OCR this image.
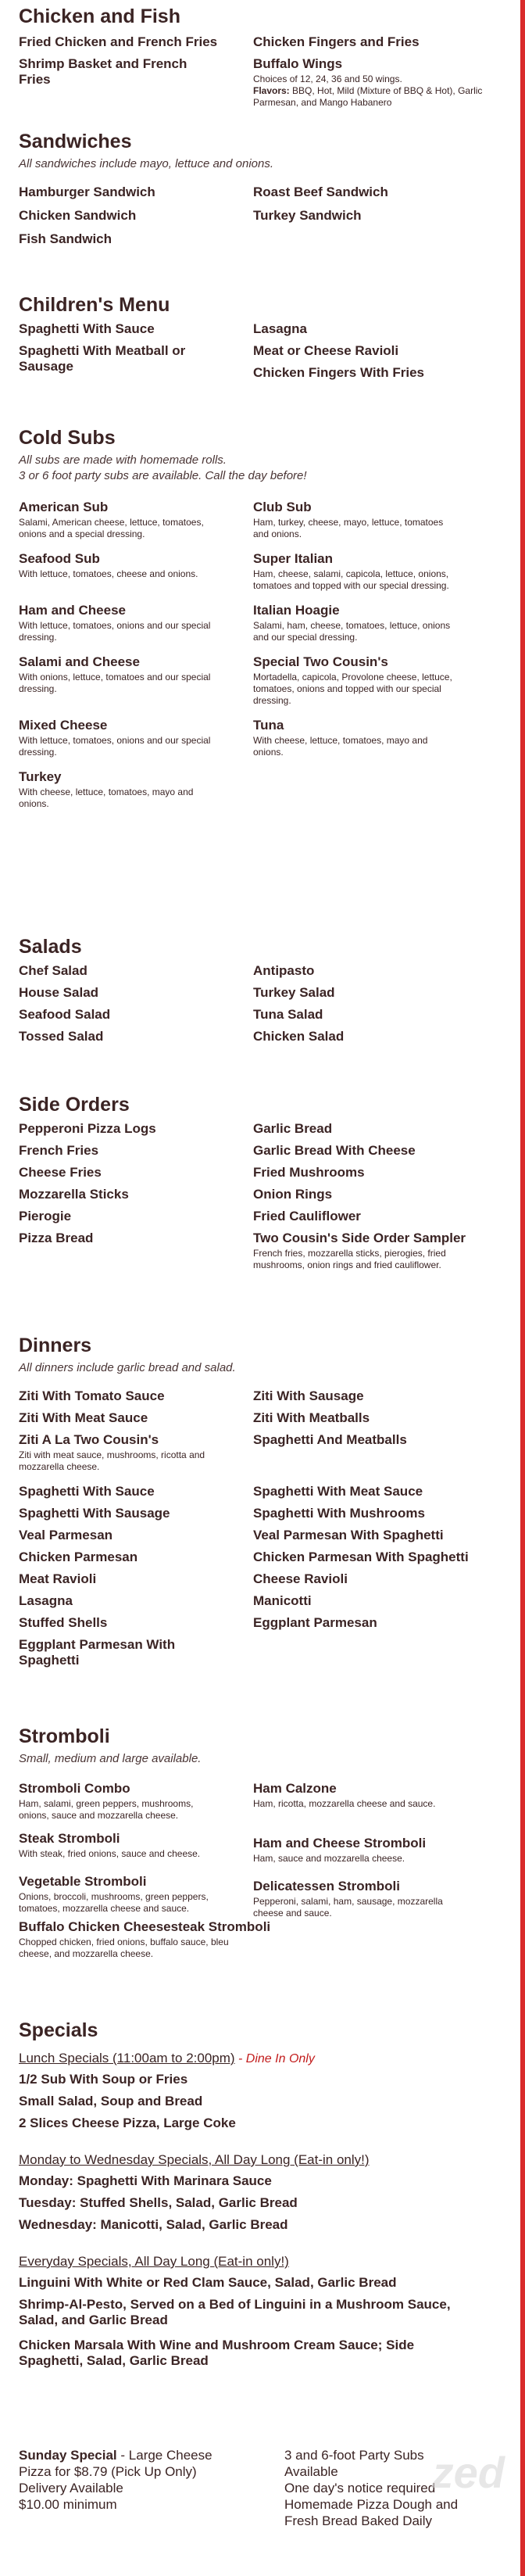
Chicken and Fish
Fried Chicken and French Fries
Shrimp Basket and French Fries
Chicken Fingers and Fries
Buffalo Wings
Choices of 12, 24, 36 and 50 wings.
Flavors: BBQ, Hot, Mild (Mixture of BBQ & Hot), Garlic Parmesan, and Mango Habanero
Sandwiches
All sandwiches include mayo, lettuce and onions.
Hamburger Sandwich
Chicken Sandwich
Fish Sandwich
Roast Beef Sandwich
Turkey Sandwich
Children's Menu
Spaghetti With Sauce
Spaghetti With Meatball or Sausage
Lasagna
Meat or Cheese Ravioli
Chicken Fingers With Fries
Cold Subs
All subs are made with homemade rolls.
3 or 6 foot party subs are available. Call the day before!
American Sub
Salami, American cheese, lettuce, tomatoes, onions and a special dressing.
Club Sub
Ham, turkey, cheese, mayo, lettuce, tomatoes and onions.
Seafood Sub
With lettuce, tomatoes, cheese and onions.
Super Italian
Ham, cheese, salami, capicola, lettuce, onions, tomatoes and topped with our special dressing.
Ham and Cheese
With lettuce, tomatoes, onions and our special dressing.
Italian Hoagie
Salami, ham, cheese, tomatoes, lettuce, onions and our special dressing.
Salami and Cheese
With onions, lettuce, tomatoes and our special dressing.
Special Two Cousin's
Mortadella, capicola, Provolone cheese, lettuce, tomatoes, onions and topped with our special dressing.
Mixed Cheese
With lettuce, tomatoes, onions and our special dressing.
Tuna
With cheese, lettuce, tomatoes, mayo and onions.
Turkey
With cheese, lettuce, tomatoes, mayo and onions.
Salads
Chef Salad
House Salad
Seafood Salad
Tossed Salad
Antipasto
Turkey Salad
Tuna Salad
Chicken Salad
Side Orders
Pepperoni Pizza Logs
French Fries
Cheese Fries
Mozzarella Sticks
Pierogie
Pizza Bread
Garlic Bread
Garlic Bread With Cheese
Fried Mushrooms
Onion Rings
Fried Cauliflower
Two Cousin's Side Order Sampler
French fries, mozzarella sticks, pierogies, fried mushrooms, onion rings and fried cauliflower.
Dinners
All dinners include garlic bread and salad.
Ziti With Tomato Sauce
Ziti With Meat Sauce
Ziti A La Two Cousin's
Ziti with meat sauce, mushrooms, ricotta and mozzarella cheese.
Ziti With Sausage
Ziti With Meatballs
Spaghetti And Meatballs
Spaghetti With Sauce
Spaghetti With Sausage
Veal Parmesan
Chicken Parmesan
Meat Ravioli
Lasagna
Stuffed Shells
Eggplant Parmesan With Spaghetti
Spaghetti With Meat Sauce
Spaghetti With Mushrooms
Veal Parmesan With Spaghetti
Chicken Parmesan With Spaghetti
Cheese Ravioli
Manicotti
Eggplant Parmesan
Stromboli
Small, medium and large available.
Stromboli Combo
Ham, salami, green peppers, mushrooms, onions, sauce and mozzarella cheese.
Ham Calzone
Ham, ricotta, mozzarella cheese and sauce.
Steak Stromboli
With steak, fried onions, sauce and cheese.
Ham and Cheese Stromboli
Ham, sauce and mozzarella cheese.
Vegetable Stromboli
Onions, broccoli, mushrooms, green peppers, tomatoes, mozzarella cheese and sauce.
Delicatessen Stromboli
Pepperoni, salami, ham, sausage, mozzarella cheese and sauce.
Buffalo Chicken Cheesesteak Stromboli
Chopped chicken, fried onions, buffalo sauce, bleu cheese, and mozzarella cheese.
Specials
Lunch Specials (11:00am to 2:00pm) - Dine In Only
1/2 Sub With Soup or Fries
Small Salad, Soup and Bread
2 Slices Cheese Pizza, Large Coke
Monday to Wednesday Specials, All Day Long (Eat-in only!)
Monday: Spaghetti With Marinara Sauce
Tuesday: Stuffed Shells, Salad, Garlic Bread
Wednesday: Manicotti, Salad, Garlic Bread
Everyday Specials, All Day Long (Eat-in only!)
Linguini With White or Red Clam Sauce, Salad, Garlic Bread
Shrimp-Al-Pesto, Served on a Bed of Linguini in a Mushroom Sauce, Salad, and Garlic Bread
Chicken Marsala With Wine and Mushroom Cream Sauce; Side Spaghetti, Salad, Garlic Bread
Sunday Special - Large Cheese Pizza for $8.79 (Pick Up Only)
Delivery Available
$10.00 minimum
3 and 6-foot Party Subs Available
One day's notice required
Homemade Pizza Dough and Fresh Bread Baked Daily
zed
